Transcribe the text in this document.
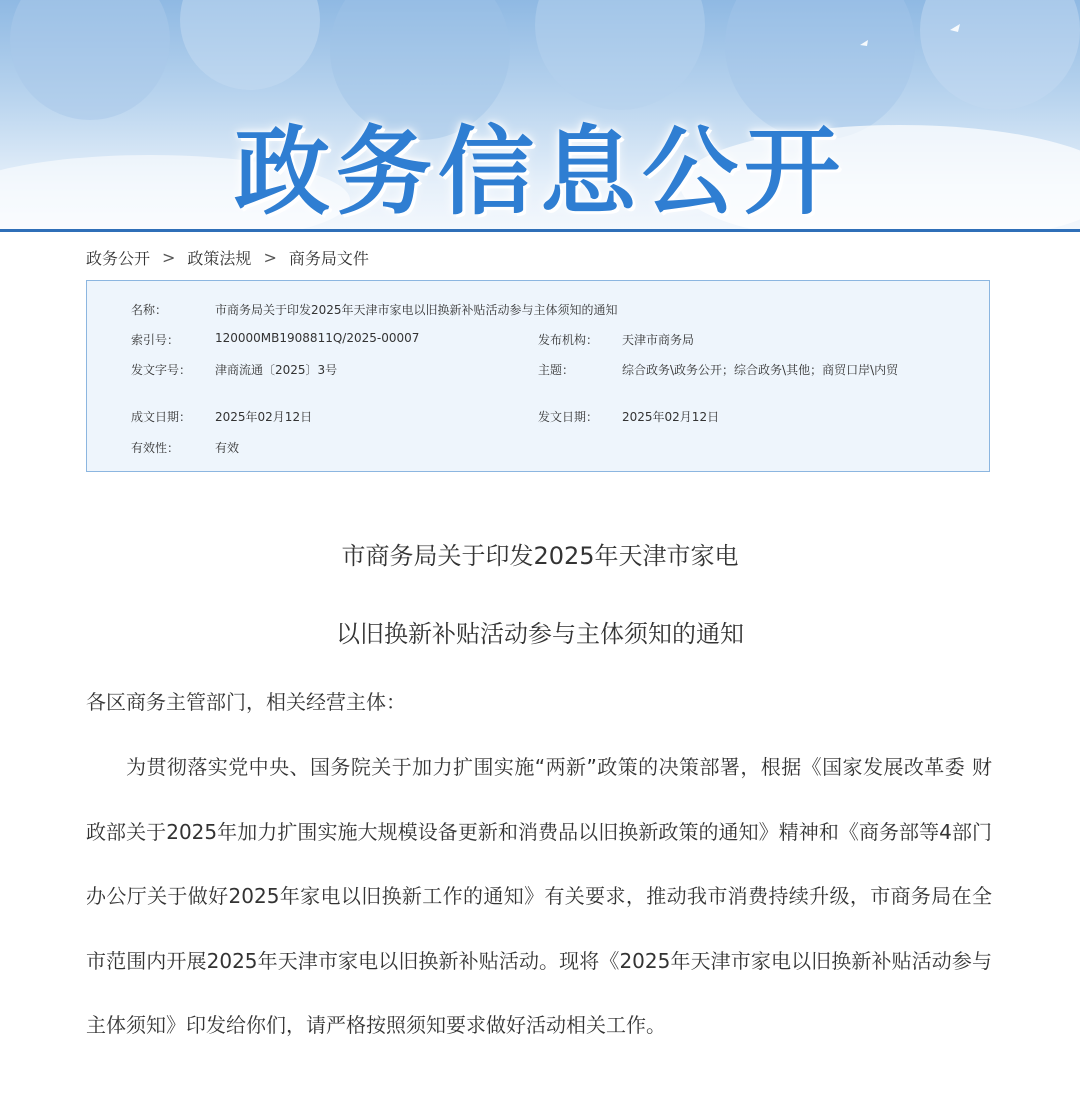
政务信息公开
政务公开 > 政策法规 > 商务局文件
名称：	市商务局关于印发2025年天津市家电以旧换新补贴活动参与主体须知的通知
索引号：	120000MB1908811Q/2025-00007	发布机构：	天津市商务局
发文字号：	津商流通〔2025〕3号	主题：	综合政务\政务公开；综合政务\其他；商贸口岸\内贸
成文日期：	2025年02月12日	发文日期：	2025年02月12日
有效性：	有效
市商务局关于印发2025年天津市家电
以旧换新补贴活动参与主体须知的通知
各区商务主管部门，相关经营主体：

为贯彻落实党中央、国务院关于加力扩围实施“两新”政策的决策部署，根据《国家发展改革委 财政部关于2025年加力扩围实施大规模设备更新和消费品以旧换新政策的通知》精神和《商务部等4部门办公厅关于做好2025年家电以旧换新工作的通知》有关要求，推动我市消费持续升级，市商务局在全市范围内开展2025年天津市家电以旧换新补贴活动。现将《2025年天津市家电以旧换新补贴活动参与主体须知》印发给你们，请严格按照须知要求做好活动相关工作。
